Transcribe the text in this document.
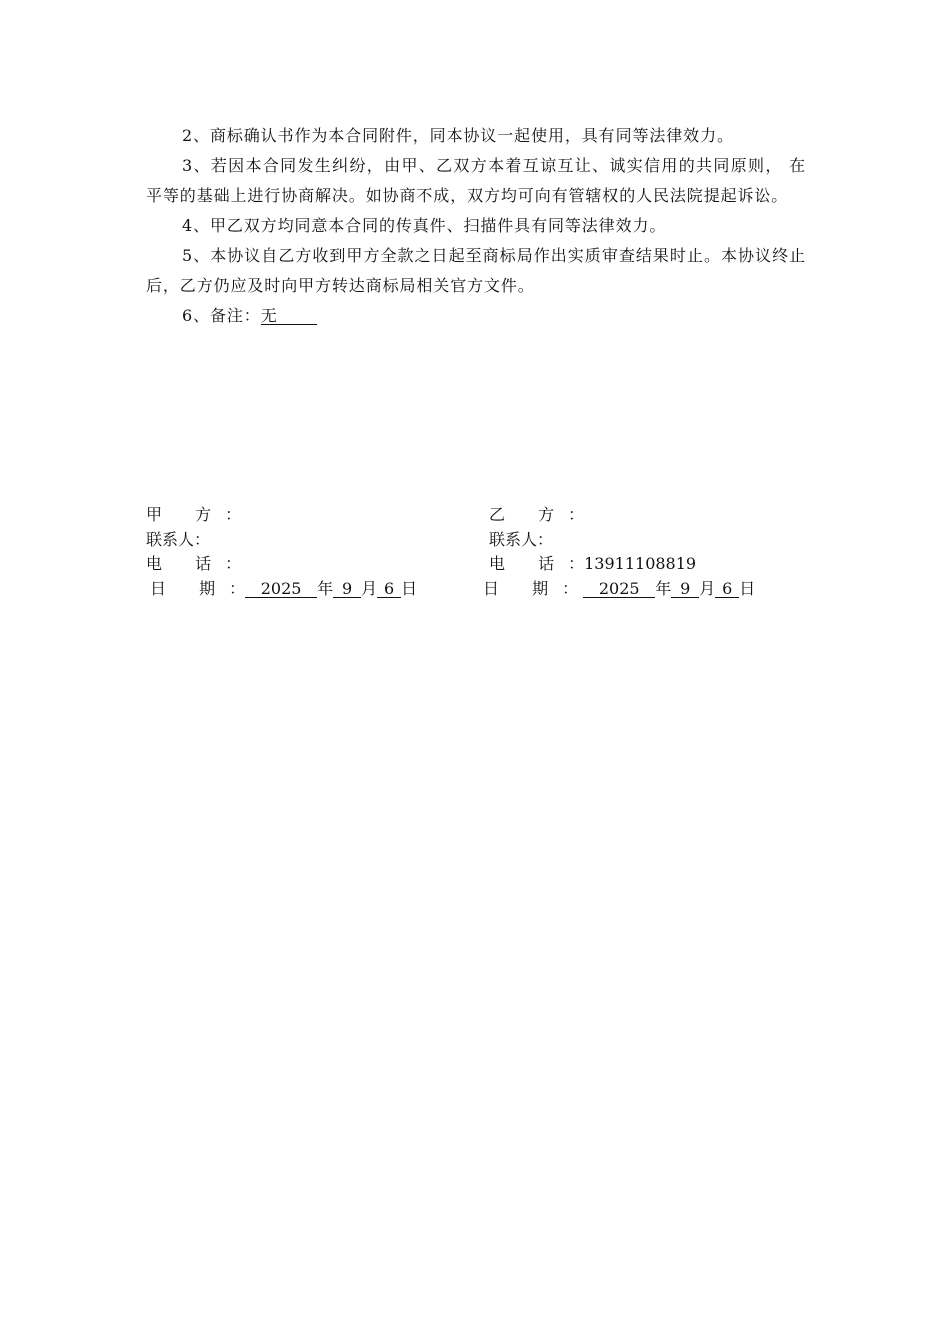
2、商标确认书作为本合同附件，同本协议一起使用，具有同等法律效力。

3、若因本合同发生纠纷，由甲、乙双方本着互谅互让、诚实信用的共同原则， 在平等的基础上进行协商解决。如协商不成，双方均可向有管辖权的人民法院提起诉讼。

4、甲乙双方均同意本合同的传真件、扫描件具有同等法律效力。

5、本协议自乙方收到甲方全款之日起至商标局作出实质审查结果时止。本协议终止后，乙方仍应及时向甲方转达商标局相关官方文件。

6、备注：无

甲 方：
联系人：
电 话：
日 期： 2025 年 9 月 6 日
乙 方：
联系人：
电 话：13911108819
日 期： 2025 年 9 月 6 日
